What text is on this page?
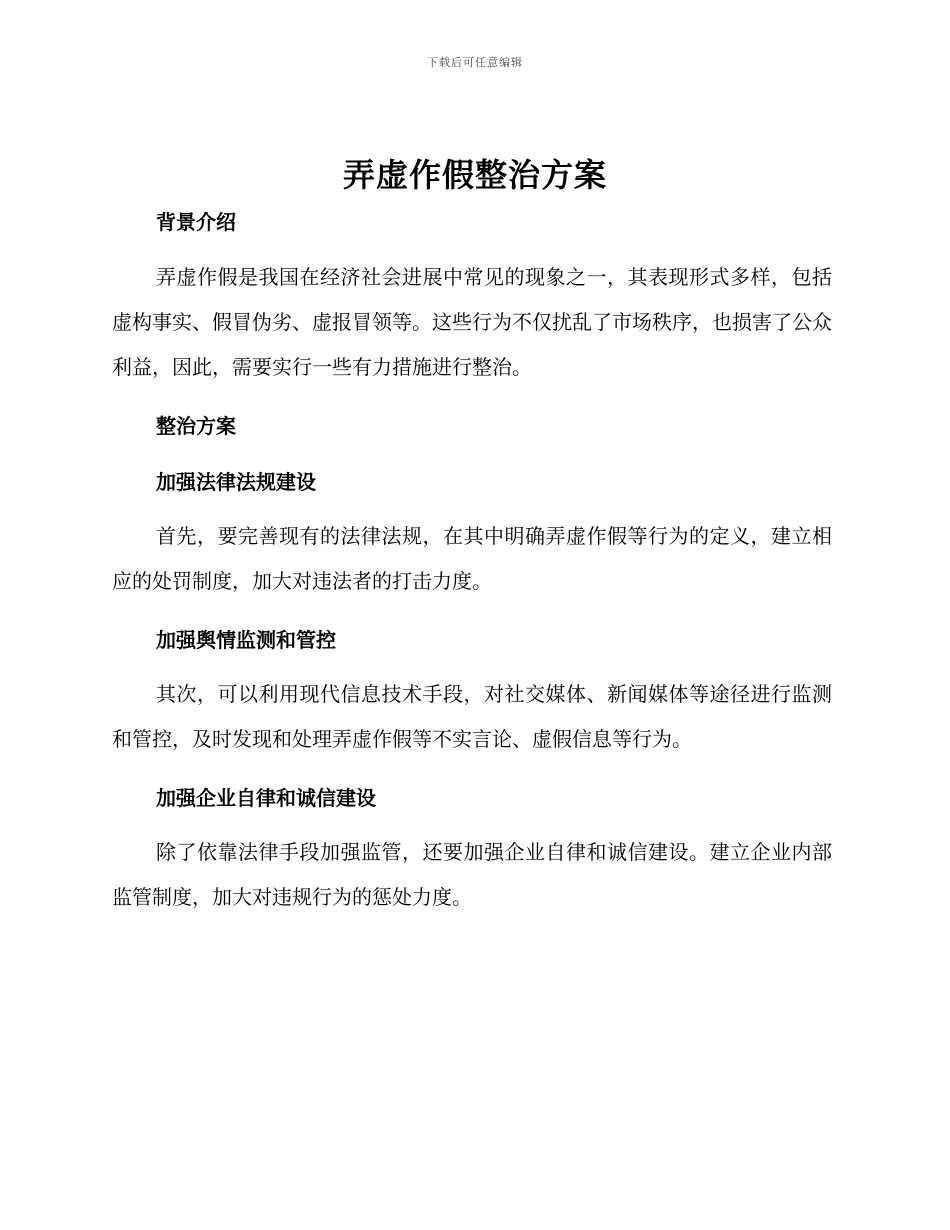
下载后可任意编辑
弄虚作假整治方案
背景介绍
弄虚作假是我国在经济社会进展中常见的现象之一，其表现形式多样，包括虚构事实、假冒伪劣、虚报冒领等。这些行为不仅扰乱了市场秩序，也损害了公众利益，因此，需要实行一些有力措施进行整治。
整治方案
加强法律法规建设
首先，要完善现有的法律法规，在其中明确弄虚作假等行为的定义，建立相应的处罚制度，加大对违法者的打击力度。
加强舆情监测和管控
其次，可以利用现代信息技术手段，对社交媒体、新闻媒体等途径进行监测和管控，及时发现和处理弄虚作假等不实言论、虚假信息等行为。
加强企业自律和诚信建设
除了依靠法律手段加强监管，还要加强企业自律和诚信建设。建立企业内部监管制度，加大对违规行为的惩处力度。
